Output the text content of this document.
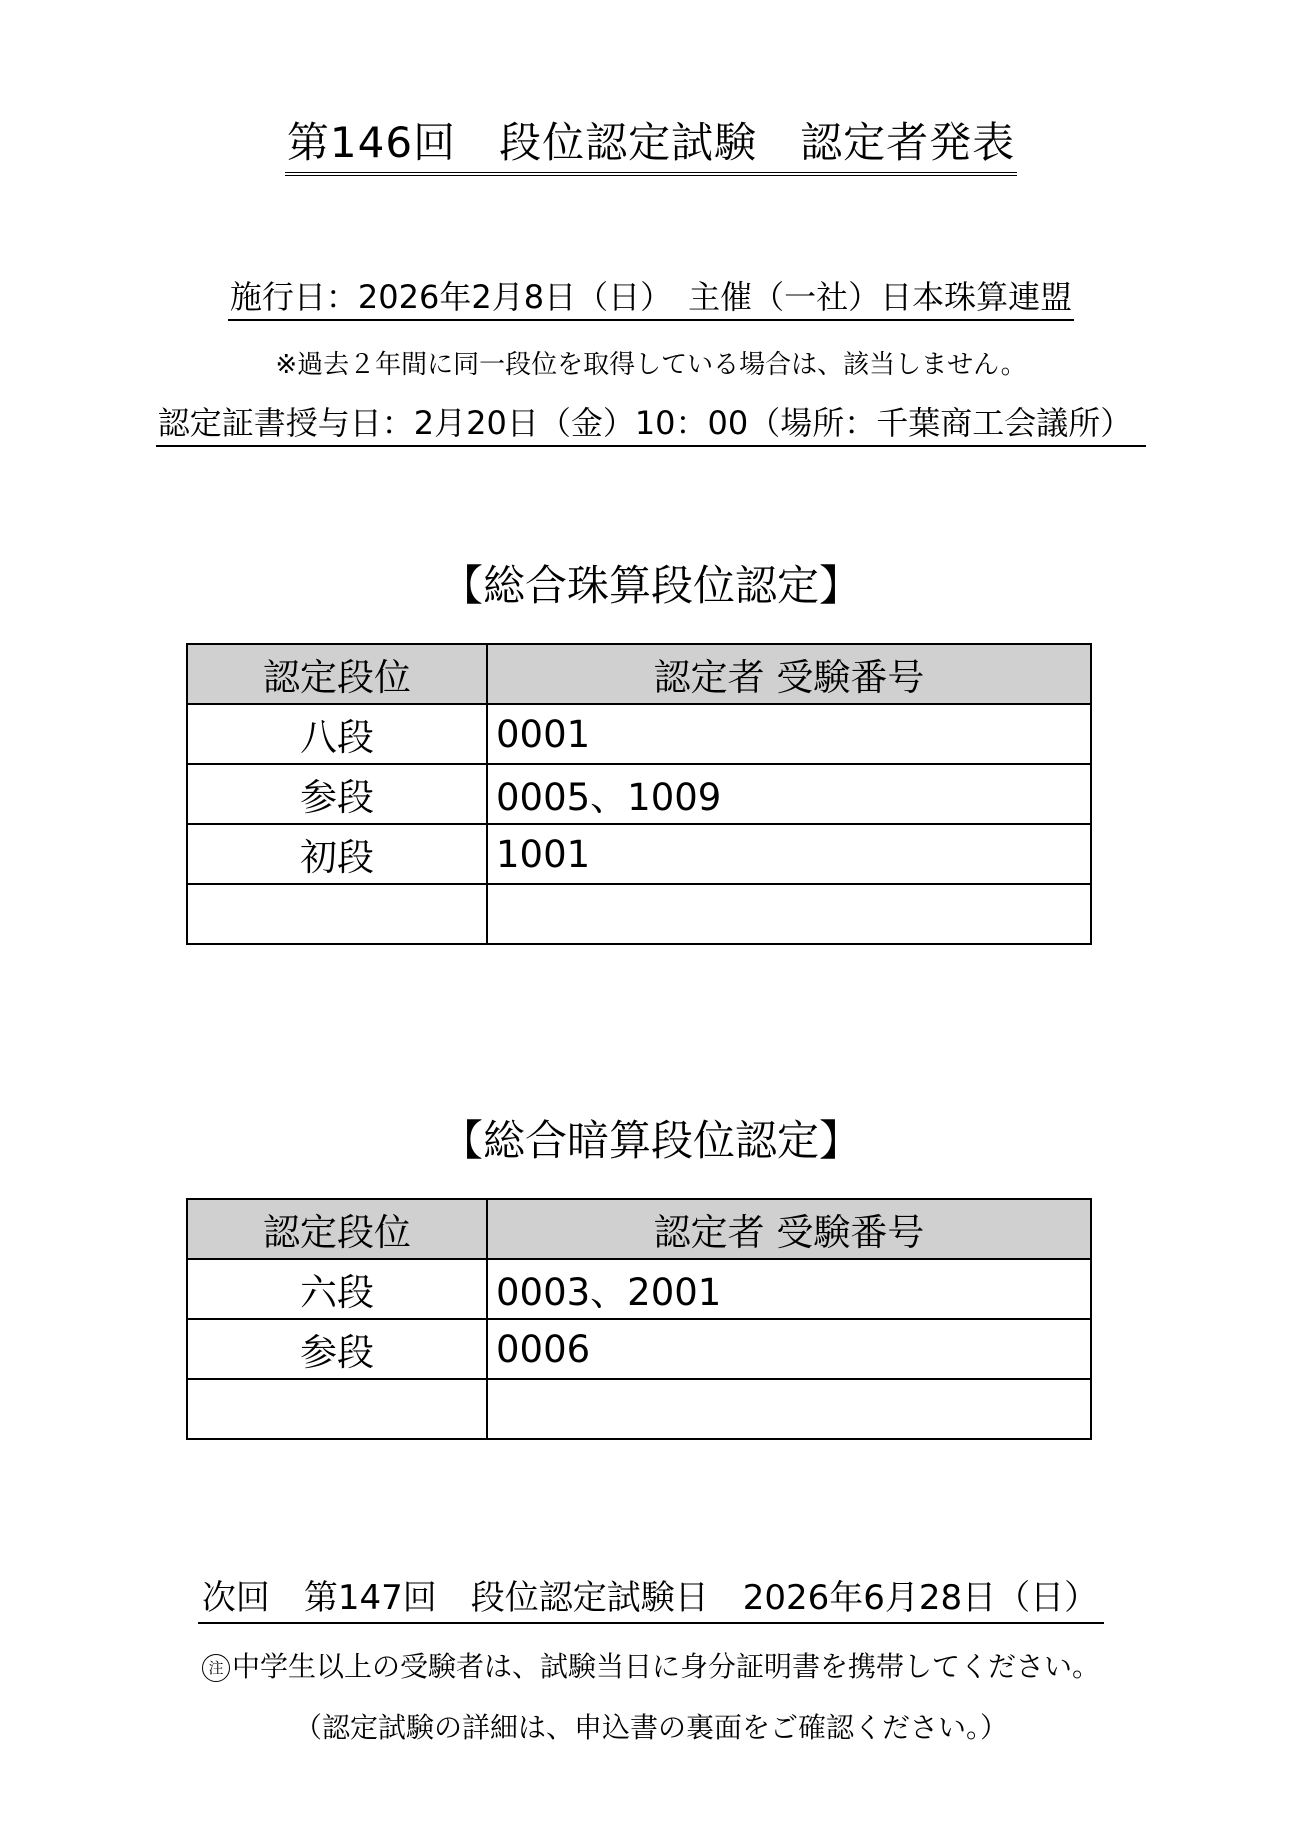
第146回　段位認定試験　認定者発表
施行日：2026年2月8日（日）　主催（一社）日本珠算連盟
※過去２年間に同一段位を取得している場合は、該当しません。
認定証書授与日：2月20日（金）10：00（場所：千葉商工会議所）
【総合珠算段位認定】
認定段位	認定者 受験番号
八段	0001
参段	0005、1009
初段	1001

【総合暗算段位認定】
認定段位	認定者 受験番号
六段	0003、2001
参段	0006

次回　第147回　段位認定試験日　2026年6月28日（日）
注 中学生以上の受験者は、試験当日に身分証明書を携帯してください。
（認定試験の詳細は、申込書の裏面をご確認ください。）
